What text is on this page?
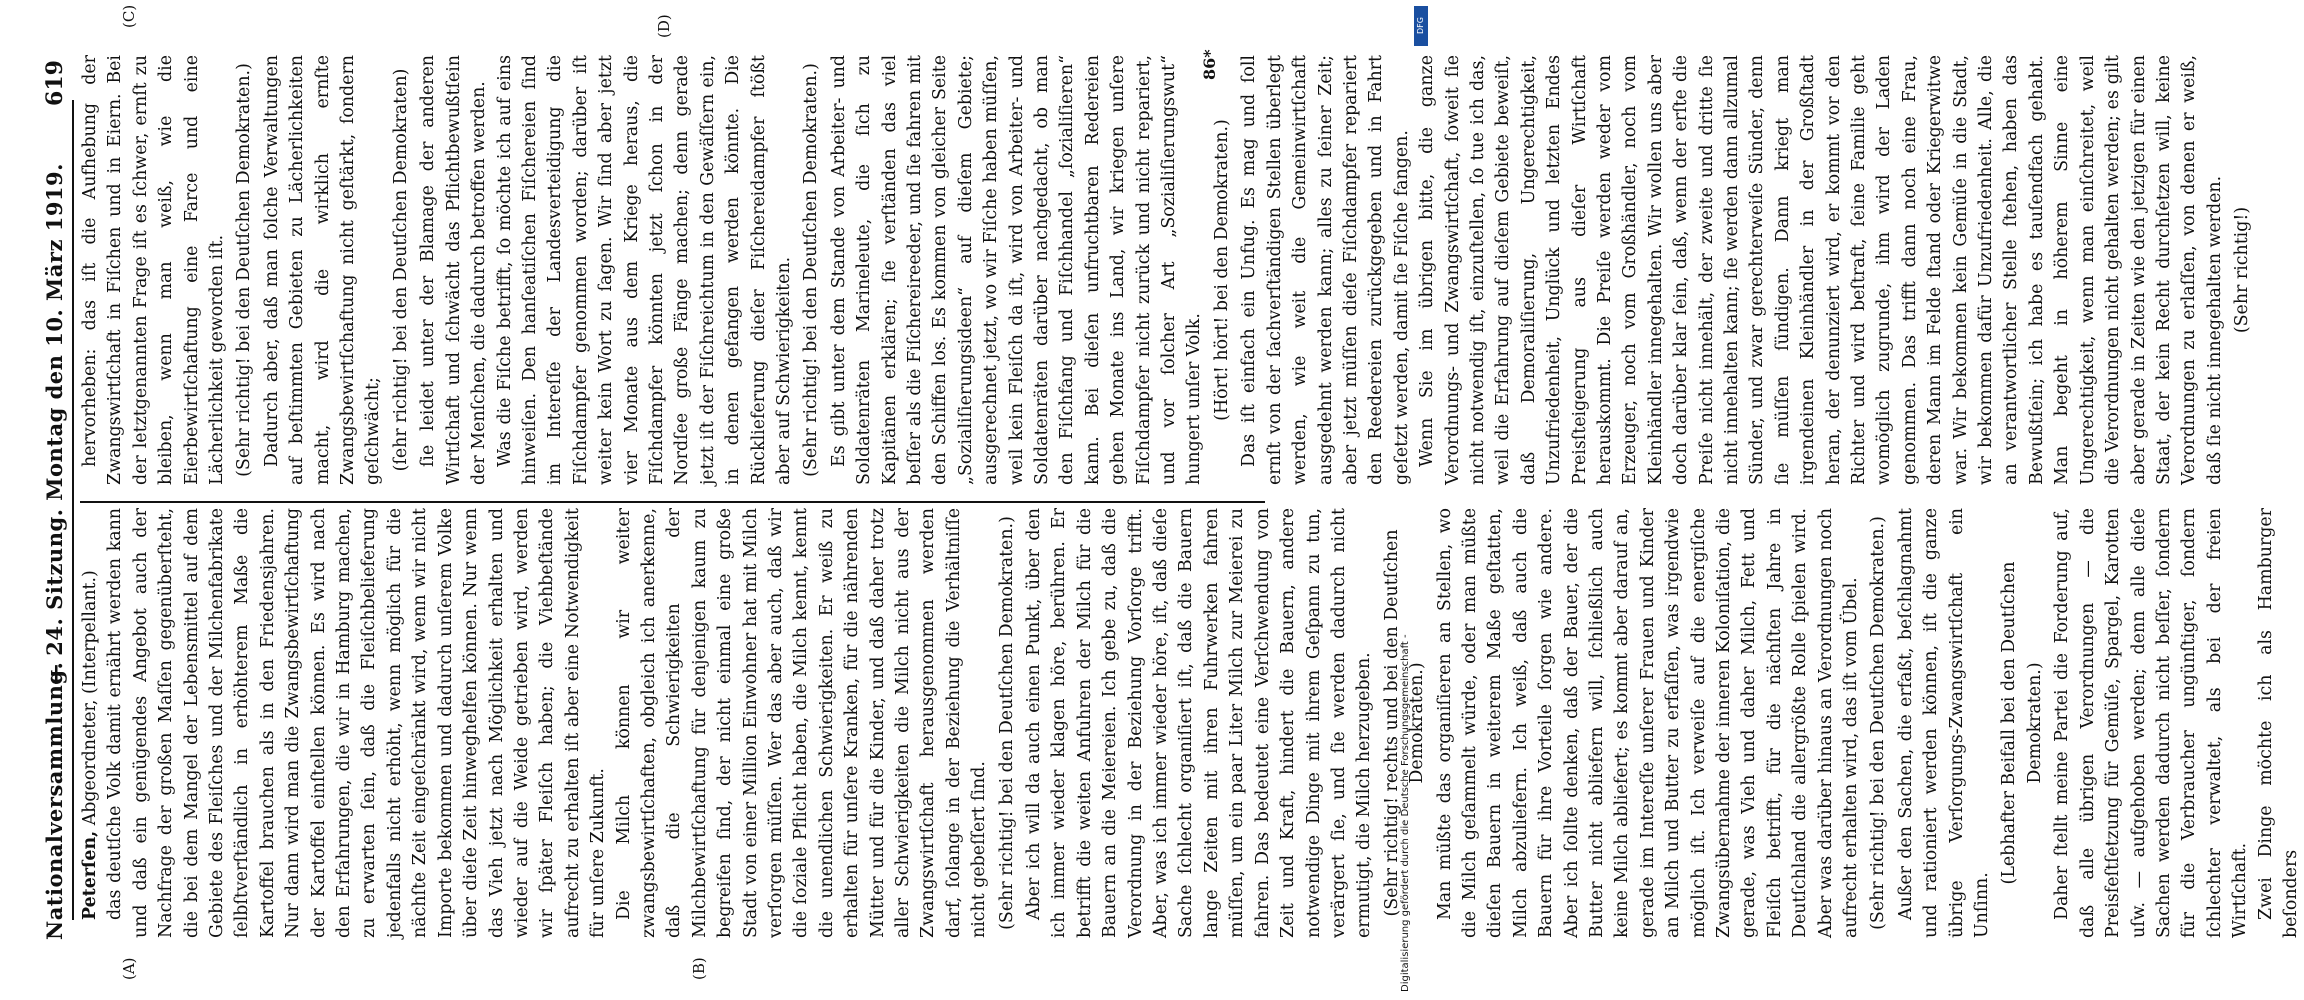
Nationalversammlung.
— 24. Sitzung. Montag den 10. März 1919.
619
(A)	(B)
(C)	(D)

Peterſen, Abgeordneter, (Interpellant.) das deutſche Volk damit ernährt werden kann und daß ein genügendes Angebot auch der Nachfrage der großen Maſſen gegenüberſteht, die bei dem Mangel der Lebensmittel auf dem Gebiete des Fleiſches und der Milchenfabrikate ſelbſtverſtändlich in erhöhterem Maße die Kartoffel brauchen als in den Friedensjahren. Nur dann wird man die Zwangsbewirtſchaftung der Kartoffel einſtellen können. Es wird nach den Erfahrungen, die wir in Hamburg machen, zu erwarten ſein, daß die Fleiſchbelieferung jedenfalls nicht erhöht, wenn möglich für die nächſte Zeit eingeſchränkt wird, wenn wir nicht Importe bekommen und dadurch unſerem Volke über dieſe Zeit hinweghelfen können. Nur wenn das Vieh jetzt nach Möglichkeit erhalten und wieder auf die Weide getrieben wird, werden wir ſpäter Fleiſch haben; die Viehbeſtände aufrecht zu erhalten iſt aber eine Notwendigkeit für unſere Zukunft. Die Milch können wir weiter zwangsbewirtſchaften, obgleich ich anerkenne, daß die Schwierigkeiten der Milchbewirtſchaftung für denjenigen kaum zu begreifen ſind, der nicht einmal eine große Stadt von einer Million Einwohner hat mit Milch verſorgen müſſen. Wer das aber auch, daß wir die ſoziale Pflicht haben, die Milch kennt, kennt die unendlichen Schwierigkeiten. Er weiß zu erhalten für unſere Kranken, für die nährenden Mütter und für die Kinder, und daß daher trotz aller Schwierigkeiten die Milch nicht aus der Zwangswirtſchaft herausgenommen werden darf, ſolange in der Beziehung die Verhältniſſe nicht gebeſſert ſind. (Sehr richtig! bei den Deutſchen Demokraten.) Aber ich will da auch einen Punkt, über den ich immer wieder klagen höre, berühren. Er betrifft die weiten Anfuhren der Milch für die Bauern an die Meiereien. Ich gebe zu, daß die Verordnung in der Beziehung Vorſorge trifft. Aber, was ich immer wieder höre, iſt, daß dieſe Sache ſchlecht organiſiert iſt, daß die Bauern lange Zeiten mit ihren Fuhrwerken fahren müſſen, um ein paar Liter Milch zur Meierei zu fahren. Das bedeutet eine Verſchwendung von Zeit und Kraft, hindert die Bauern, andere notwendige Dinge mit ihrem Geſpann zu tun, verärgert ſie, und ſie werden dadurch nicht ermutigt, die Milch herzugeben. (Sehr richtig! rechts und bei den Deutſchen Demokraten.) Man müßte das organiſieren an Stellen, wo die Milch geſammelt würde, oder man müßte dieſen Bauern in weiterem Maße geſtatten, Milch abzuliefern. Ich weiß, daß auch die Bauern für ihre Vorteile ſorgen wie andere. Aber ich ſollte denken, daß der Bauer, der die Butter nicht abliefern will, ſchließlich auch keine Milch abliefert; es kommt aber darauf an, gerade im Intereſſe unſerer Frauen und Kinder an Milch und Butter zu erfaſſen, was irgendwie möglich iſt. Ich verweiſe auf die energiſche Zwangsübernahme der inneren Koloniſation, die gerade, was Vieh und daher Milch, Fett und Fleiſch betrifft, für die nächſten Jahre in Deutſchland die allergrößte Rolle ſpielen wird. Aber was darüber hinaus an Verordnungen noch aufrecht erhalten wird, das iſt vom Übel. (Sehr richtig! bei den Deutſchen Demokraten.) Außer den Sachen, die erfaßt, beſchlagnahmt und rationiert werden können, iſt die ganze übrige Verſorgungs-Zwangswirtſchaft ein Unſinn.

(Lebhafter Beifall bei den Deutſchen Demokraten.) Daher ſtellt meine Partei die Forderung auf, daß alle übrigen Verordnungen — die Preisfeſtſetzung für Gemüſe, Spargel, Karotten uſw. — aufgehoben werden; denn alle dieſe Sachen werden dadurch nicht beſſer, ſondern für die Verbraucher ungünſtiger, ſondern ſchlechter verwaltet, als bei der freien Wirtſchaft. Zwei Dinge möchte ich als Hamburger beſonders

hervorheben: das iſt die Aufhebung der Zwangswirtſchaft in Fiſchen und in Eiern. Bei der letztgenannten Frage iſt es ſchwer, ernſt zu bleiben, wenn man weiß, wie die Eierbewirtſchaftung eine Farce und eine Lächerlichkeit geworden iſt. (Sehr richtig! bei den Deutſchen Demokraten.) Dadurch aber, daß man ſolche Verwaltungen auf beſtimmten Gebieten zu Lächerlichkeiten macht, wird die wirklich ernſte Zwangsbewirtſchaftung nicht geſtärkt, ſondern geſchwächt; (ſehr richtig! bei den Deutſchen Demokraten) ſie leidet unter der Blamage der anderen Wirtſchaft und ſchwächt das Pflichtbewußtſein der Menſchen, die dadurch betroffen werden. Was die Fiſche betrifft, ſo möchte ich auf eins hinweiſen. Den hanſeatiſchen Fiſchereien ſind im Intereſſe der Landesverteidigung die Fiſchdampfer genommen worden; darüber iſt weiter kein Wort zu ſagen. Wir ſind aber jetzt vier Monate aus dem Kriege heraus, die Fiſchdampfer könnten jetzt ſchon in der Nordſee große Fänge machen; denn gerade jetzt iſt der Fiſchreichtum in den Gewäſſern ein, in denen gefangen werden könnte. Die Rücklieferung dieſer Fiſchereidampfer ſtößt aber auf Schwierigkeiten. (Sehr richtig! bei den Deutſchen Demokraten.) Es gibt unter dem Stande von Arbeiter- und Soldatenräten Marineleute, die ſich zu Kapitänen erklären; ſie verſtänden das viel beſſer als die Fiſchereireeder, und ſie fahren mit den Schiffen los. Es kommen von gleicher Seite „Sozialiſierungsideen“ auf dieſem Gebiete; ausgerechnet jetzt, wo wir Fiſche haben müſſen, weil kein Fleiſch da iſt, wird von Arbeiter- und Soldatenräten darüber nachgedacht, ob man den Fiſchfang und Fiſchhandel „ſozialiſieren“ kann. Bei dieſen unfruchtbaren Redereien gehen Monate ins Land, wir kriegen unſere Fiſchdampfer nicht zurück und nicht repariert, und vor ſolcher Art „Sozialiſierungswut“ hungert unſer Volk. (Hört! hört! bei den Demokraten.) Das iſt einfach ein Unfug. Es mag und ſoll ernſt von der ſachverſtändigen Stellen überlegt werden, wie weit die Gemeinwirtſchaft ausgedehnt werden kann; alles zu ſeiner Zeit; aber jetzt müſſen dieſe Fiſchdampfer repariert den Reedereien zurückgegeben und in Fahrt geſetzt werden, damit ſie Fiſche fangen. Wenn Sie im übrigen bitte, die ganze Verordnungs- und Zwangswirtſchaft, ſoweit ſie nicht notwendig iſt, einzuſtellen, ſo tue ich das, weil die Erfahrung auf dieſem Gebiete beweiſt, daß Demoraliſierung, Ungerechtigkeit, Unzufriedenheit, Unglück und letzten Endes Preisſteigerung aus dieſer Wirtſchaft herauskommt. Die Preiſe werden weder vom Erzeuger, noch vom Großhändler, noch vom Kleinhändler innegehalten. Wir wollen uns aber doch darüber klar ſein, daß, wenn der erſte die Preiſe nicht innehält, der zweite und dritte ſie nicht innehalten kann; ſie werden dann allzumal Sünder, und zwar gerechterweiſe Sünder, denn ſie müſſen ſündigen. Dann kriegt man irgendeinen Kleinhändler in der Großſtadt heran, der denunziert wird, er kommt vor den Richter und wird beſtraft, ſeine Familie geht womöglich zugrunde, ihm wird der Laden genommen. Das trifft dann noch eine Frau, deren Mann im Felde ſtand oder Kriegerwitwe war. Wir bekommen kein Gemüſe in die Stadt, wir bekommen dafür Unzufriedenheit. Alle, die an verantwortlicher Stelle ſtehen, haben das Bewußtſein; ich habe es tauſendfach gehabt. Man begeht in höherem Sinne eine Ungerechtigkeit, wenn man einſchreitet, weil die Verordnungen nicht gehalten werden; es gilt aber gerade in Zeiten wie den jetzigen für einen Staat, der kein Recht durchſetzen will, keine Verordnungen zu erlaſſen, von denen er weiß, daß ſie nicht innegehalten werden. (Sehr richtig!)

86*
Digitalisierung gefördert durch die Deutsche Forschungsgemeinschaft -
DFG
